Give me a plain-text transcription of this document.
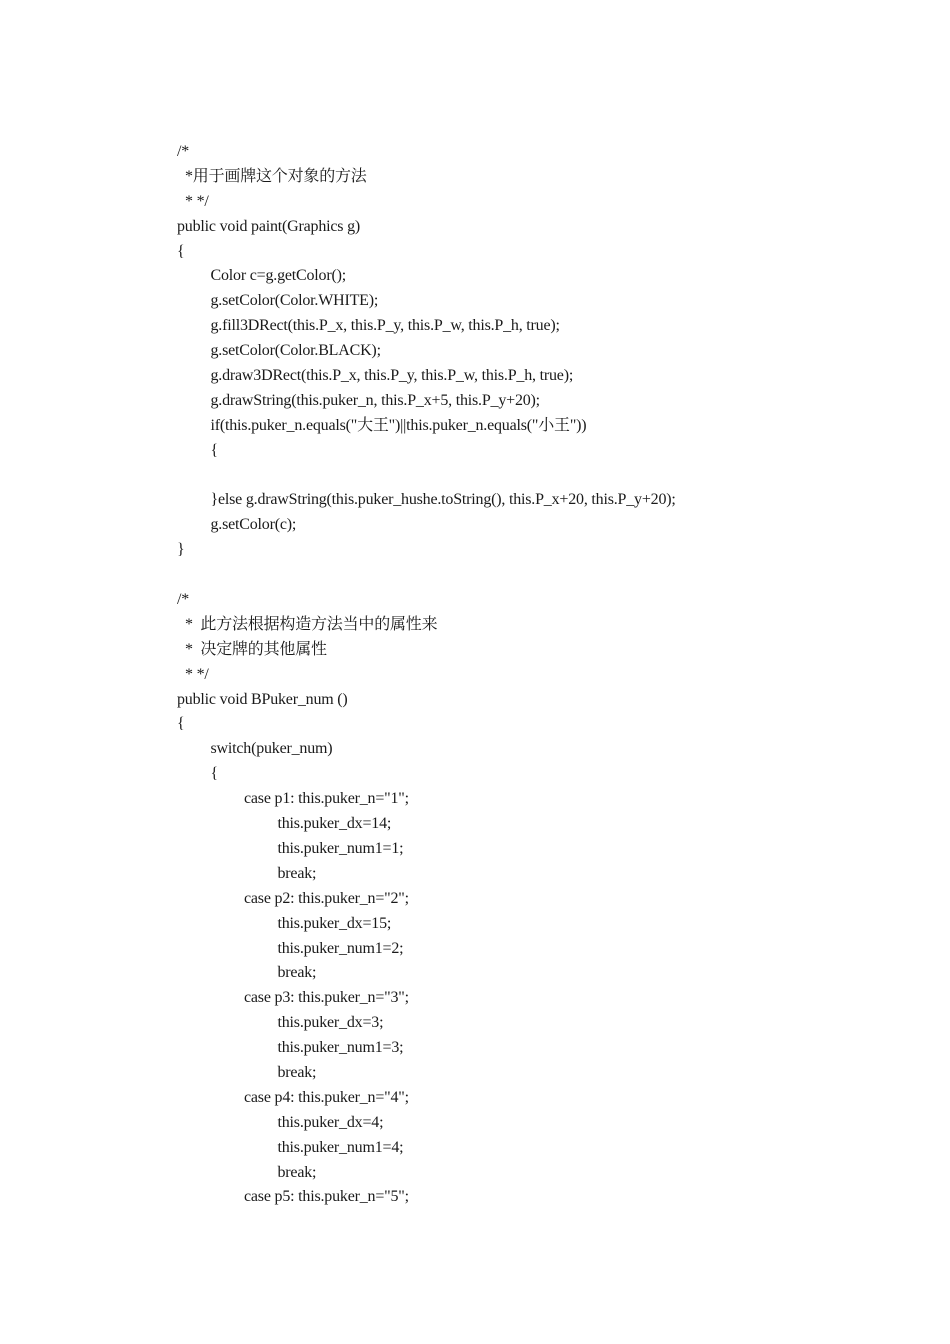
/*
*用于画牌这个对象的方法
* */
public void paint(Graphics g)
{
Color c=g.getColor();
g.setColor(Color.WHITE);
g.fill3DRect(this.P_x, this.P_y, this.P_w, this.P_h, true);
g.setColor(Color.BLACK);
g.draw3DRect(this.P_x, this.P_y, this.P_w, this.P_h, true);
g.drawString(this.puker_n, this.P_x+5, this.P_y+20);
if(this.puker_n.equals("大王")||this.puker_n.equals("小王"))
{
}else g.drawString(this.puker_hushe.toString(), this.P_x+20, this.P_y+20);
g.setColor(c);
}
/*
*  此方法根据构造方法当中的属性来
*  决定牌的其他属性
* */
public void BPuker_num ()
{
switch(puker_num)
{
case p1: this.puker_n="1";
this.puker_dx=14;
this.puker_num1=1;
break;
case p2: this.puker_n="2";
this.puker_dx=15;
this.puker_num1=2;
break;
case p3: this.puker_n="3";
this.puker_dx=3;
this.puker_num1=3;
break;
case p4: this.puker_n="4";
this.puker_dx=4;
this.puker_num1=4;
break;
case p5: this.puker_n="5";
